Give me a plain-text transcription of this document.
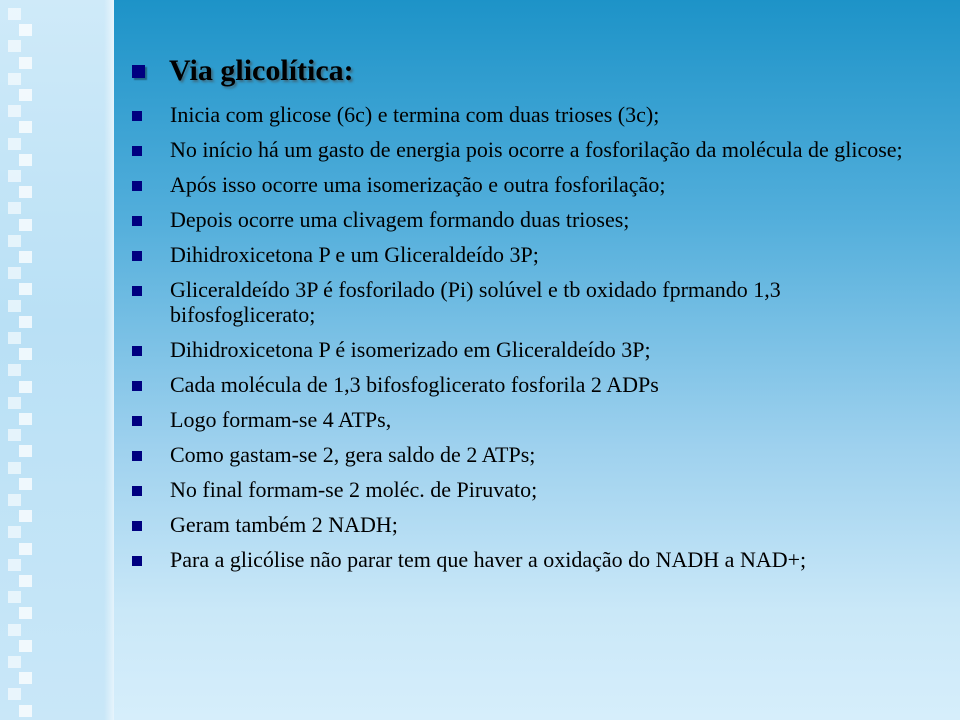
Via glicolítica:
Inicia com glicose (6c) e termina com duas trioses (3c);
No início há um gasto de energia pois ocorre a fosforilação da molécula de glicose;
Após isso ocorre uma isomerização e outra fosforilação;
Depois ocorre uma clivagem formando duas trioses;
Dihidroxicetona P e um Gliceraldeído 3P;
Gliceraldeído 3P é fosforilado (Pi) solúvel e tb oxidado fprmando 1,3 bifosfoglicerato;
Dihidroxicetona P é isomerizado em Gliceraldeído 3P;
Cada molécula de 1,3 bifosfoglicerato fosforila 2 ADPs
Logo formam-se 4 ATPs,
Como gastam-se 2, gera saldo de 2 ATPs;
No final formam-se 2 moléc. de Piruvato;
Geram também 2 NADH;
Para a glicólise não parar tem que haver a oxidação do NADH a NAD+;
